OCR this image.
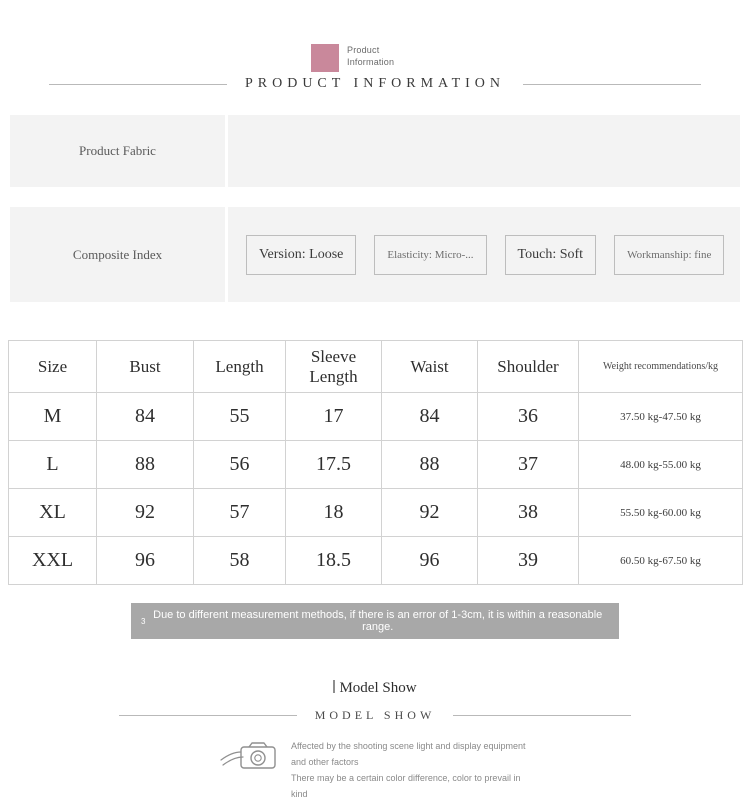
Product Information
PRODUCT INFORMATION
Product Fabric
Composite Index	Version: Loose	Elasticity: Micro-...	Touch: Soft	Workmanship: fine
Size	Bust	Length	Sleeve Length	Waist	Shoulder	Weight recommendations/kg
M	84	55	17	84	36	37.50 kg-47.50 kg
L	88	56	17.5	88	37	48.00 kg-55.00 kg
XL	92	57	18	92	38	55.50 kg-60.00 kg
XXL	96	58	18.5	96	39	60.50 kg-67.50 kg
3 Due to different measurement methods, if there is an error of 1-3cm, it is within a reasonable range.
Model Show
MODEL SHOW
Affected by the shooting scene light and display equipment and other factors
There may be a certain color difference, color to prevail in kind
